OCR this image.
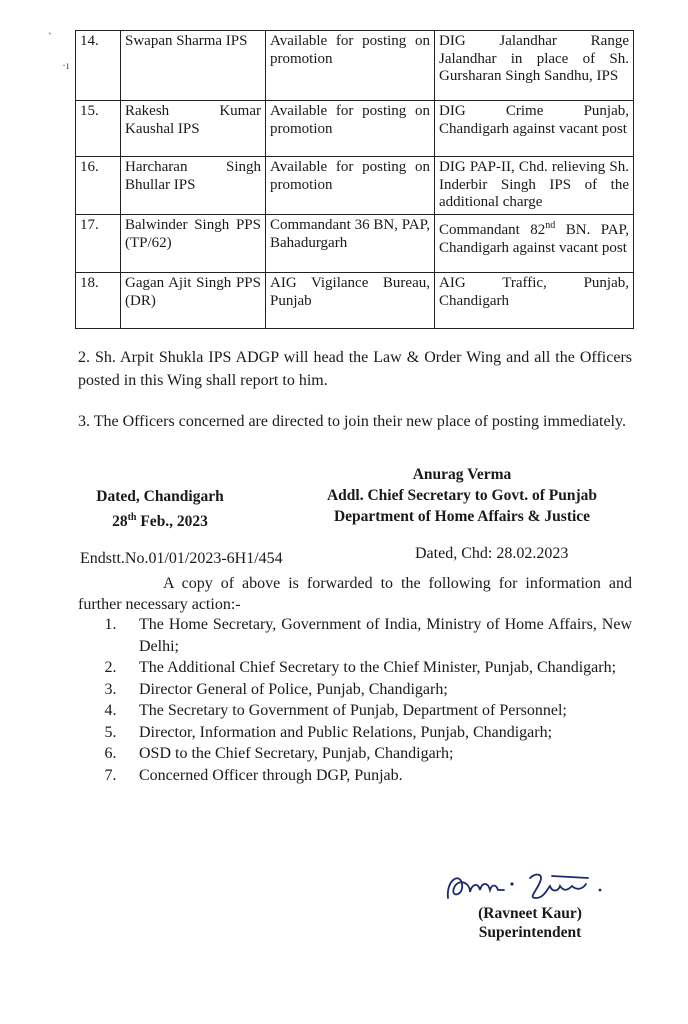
`
·ı
14.	Swapan Sharma IPS	Available for posting on promotion	DIG Jalandhar Range Jalandhar in place of Sh. Gursharan Singh Sandhu, IPS
15.	Rakesh Kumar Kaushal IPS	Available for posting on promotion	DIG Crime Punjab, Chandigarh against vacant post
16.	Harcharan Singh Bhullar IPS	Available for posting on promotion	DIG PAP-II, Chd. relieving Sh. Inderbir Singh IPS of the additional charge
17.	Balwinder Singh PPS (TP/62)	Commandant 36 BN, PAP, Bahadurgarh	Commandant 82nd BN. PAP, Chandigarh against vacant post
18.	Gagan Ajit Singh PPS (DR)	AIG Vigilance Bureau, Punjab	AIG Traffic, Punjab, Chandigarh

2. Sh. Arpit Shukla IPS ADGP will head the Law & Order Wing and all the Officers posted in this Wing shall report to him.

3. The Officers concerned are directed to join their new place of posting immediately.

Dated, Chandigarh
28th Feb., 2023

Anurag Verma
Addl. Chief Secretary to Govt. of Punjab
Department of Home Affairs & Justice

Endstt.No.01/01/2023-6H1/454	Dated, Chd: 28.02.2023

A copy of above is forwarded to the following for information and further necessary action:-

1.	The Home Secretary, Government of India, Ministry of Home Affairs, New Delhi;
2.	The Additional Chief Secretary to the Chief Minister, Punjab, Chandigarh;
3.	Director General of Police, Punjab, Chandigarh;
4.	The Secretary to Government of Punjab, Department of Personnel;
5.	Director, Information and Public Relations, Punjab, Chandigarh;
6.	OSD to the Chief Secretary, Punjab, Chandigarh;
7.	Concerned Officer through DGP, Punjab.

(Ravneet Kaur)
Superintendent
